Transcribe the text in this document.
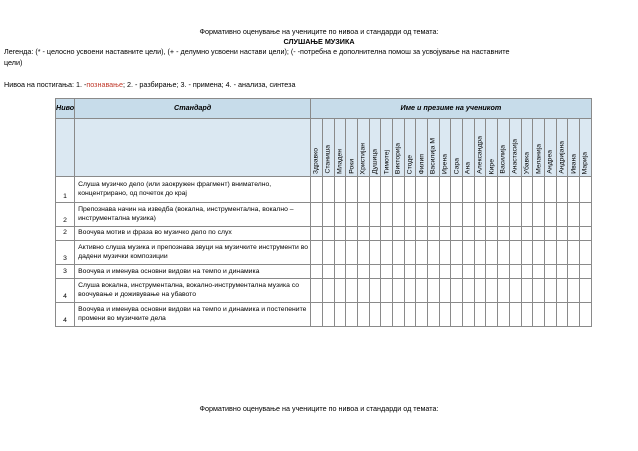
Формативно оценување на учениците по нивоа и стандарди од темата:
СЛУШАЊЕ МУЗИКА
Легенда: (* - целосно усвоени наставните цели), (+ - делумно усвоени настави цели); (- -потребна е дополнителна помош за усвојување на наставните
цели)
Нивоа на постигања: 1. -познавање; 2. - разбирање; 3. - примена; 4. - анализа, синтеза
Ниво	Стандард	Име и презиме на ученикот																							

		Здравко	Станиша	Младен	Роки	Христијан	Душица	Тимотеј	Викторија	Стоде	Филип	Василија М	Ирена	Сара	Ана	Александра	Кире	Василија	Анастасија	Убавка	Меланија	Андреа	Андријана	Ивана	Марија

1	Слуша музичко дело (или заокружен фрагмент) внимателно, концентрирано, од почеток до крај																								
2	Препознава начин на изведба (вокална, инструментална, вокално – инструментална музика)																								
2	Воочува мотив и фраза во музичко дело по слух																								
3	Активно слуша музика и препознава звуци на музичките инструменти во дадени музички композиции																								
3	Воочува и именува основни видови на темпо и динамика																								
4	Слуша вокална, инструментална, вокално-инструментална музика со воочување и доживување на убавото																								
4	Воочува и именува основни видови на темпо и динамика и постепените промени во музичките дела																								
Формативно оценување на учениците по нивоа и стандарди од темата:
